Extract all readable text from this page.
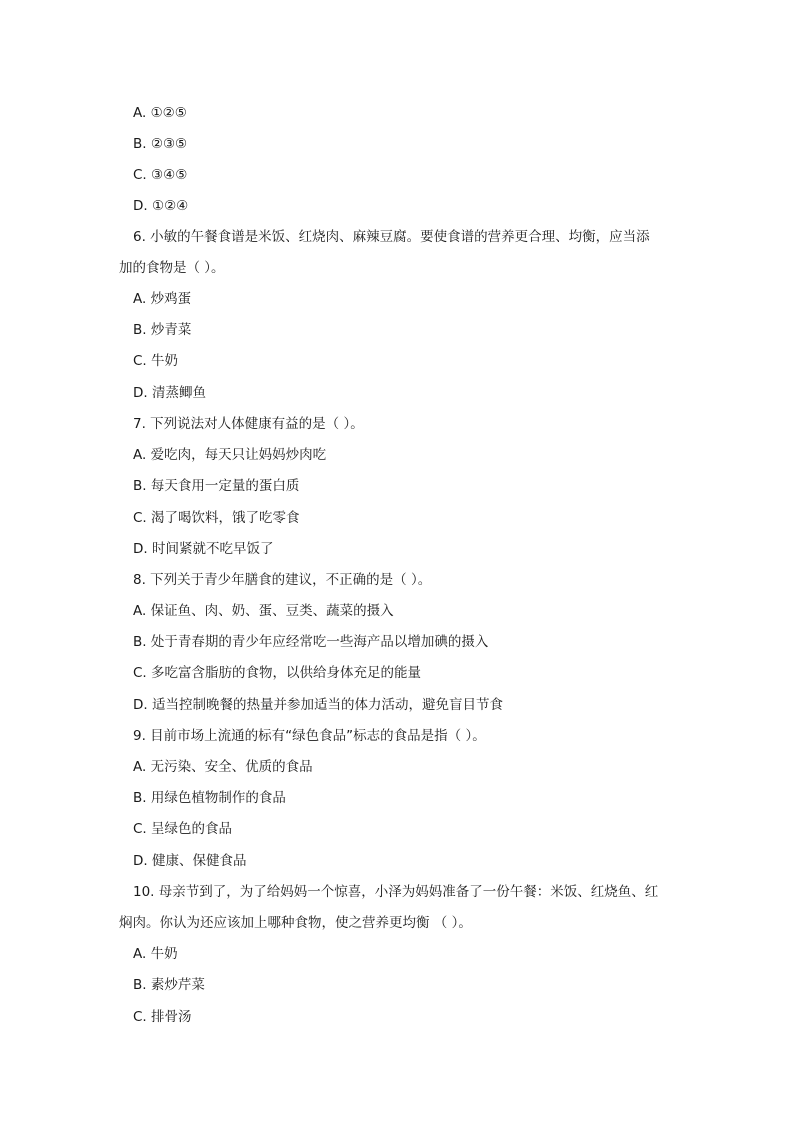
A. ①②⑤
B. ②③⑤
C. ③④⑤
D. ①②④
6. 小敏的午餐食谱是米饭、红烧肉、麻辣豆腐。要使食谱的营养更合理、均衡，应当添
加的食物是（ ）。
A. 炒鸡蛋
B. 炒青菜
C. 牛奶
D. 清蒸鲫鱼
7. 下列说法对人体健康有益的是（ ）。
A. 爱吃肉，每天只让妈妈炒肉吃
B. 每天食用一定量的蛋白质
C. 渴了喝饮料，饿了吃零食
D. 时间紧就不吃早饭了
8. 下列关于青少年膳食的建议，不正确的是（ ）。
A. 保证鱼、肉、奶、蛋、豆类、蔬菜的摄入
B. 处于青春期的青少年应经常吃一些海产品以增加碘的摄入
C. 多吃富含脂肪的食物，以供给身体充足的能量
D. 适当控制晚餐的热量并参加适当的体力活动，避免盲目节食
9. 目前市场上流通的标有“绿色食品”标志的食品是指（ ）。
A. 无污染、安全、优质的食品
B. 用绿色植物制作的食品
C. 呈绿色的食品
D. 健康、保健食品
10. 母亲节到了，为了给妈妈一个惊喜，小泽为妈妈准备了一份午餐：米饭、红烧鱼、红
焖肉。你认为还应该加上哪种食物，使之营养更均衡 （ ）。
A. 牛奶
B. 素炒芹菜
C. 排骨汤
